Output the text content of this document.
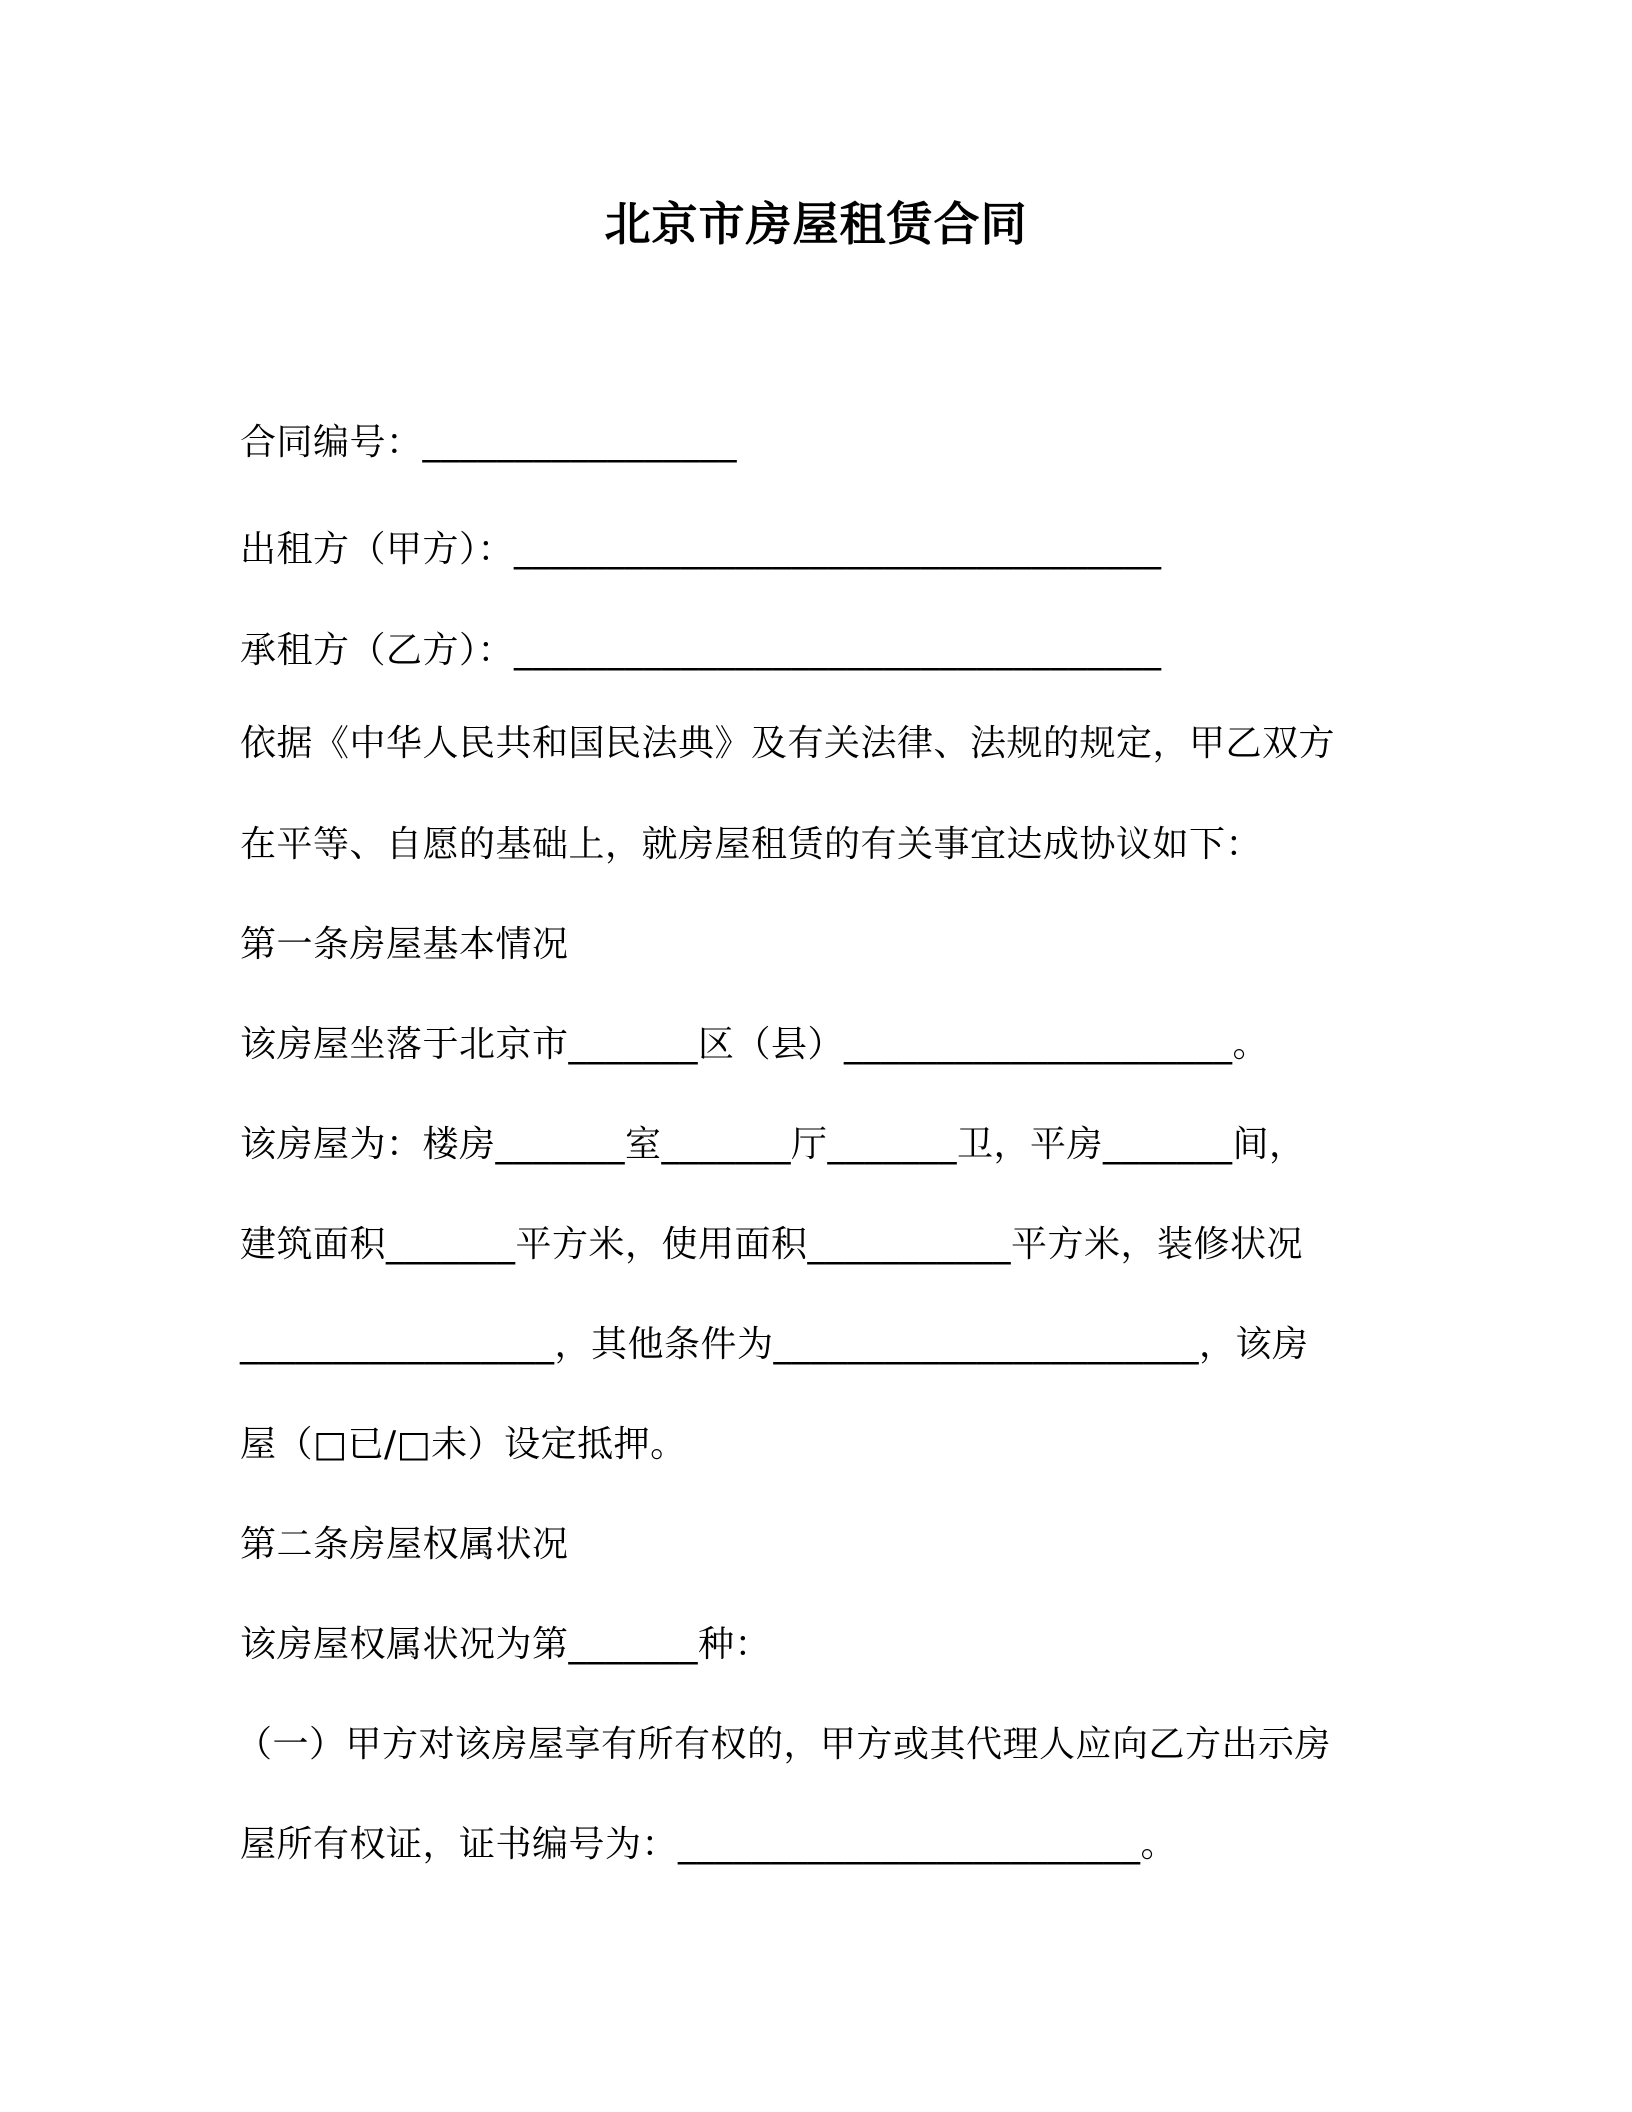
北京市房屋租赁合同
合同编号：_________________
出租方（甲方）：___________________________________
承租方（乙方）：___________________________________
依据《中华人民共和国民法典》及有关法律、法规的规定，甲乙双方
在平等、自愿的基础上，就房屋租赁的有关事宜达成协议如下：
第一条房屋基本情况
该房屋坐落于北京市_______区（县）_____________________。
该房屋为：楼房_______室_______厅_______卫，平房_______间，
建筑面积_______平方米，使用面积___________平方米，装修状况
_________________，其他条件为_______________________，该房
屋（□已/□未）设定抵押。
第二条房屋权属状况
该房屋权属状况为第_______种：
（一）甲方对该房屋享有所有权的，甲方或其代理人应向乙方出示房
屋所有权证，证书编号为：_________________________。
